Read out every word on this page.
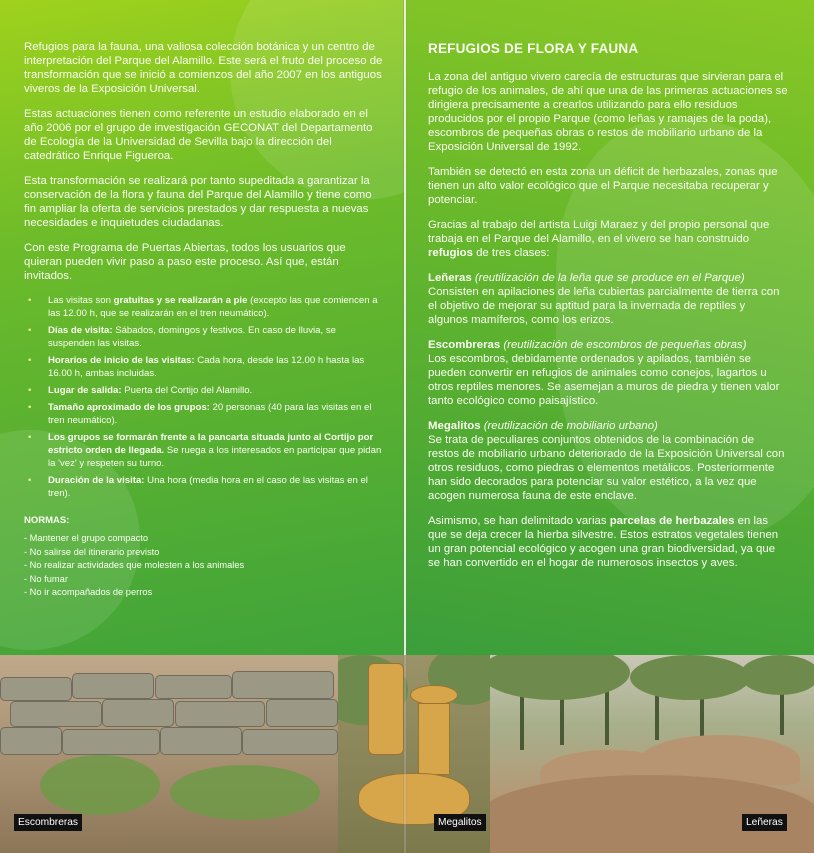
Refugios para la fauna, una valiosa colección botánica y un centro de interpretación del Parque del Alamillo. Este será el fruto del proceso de transformación que se inició a comienzos del año 2007 en los antiguos viveros de la Exposición Universal.

Estas actuaciones tienen como referente un estudio elaborado en el año 2006 por el grupo de investigación GECONAT del Departamento de Ecología de la Universidad de Sevilla bajo la dirección del catedrático Enrique Figueroa.

Esta transformación se realizará por tanto supeditada a garantizar la conservación de la flora y fauna del Parque del Alamillo y tiene como fin ampliar la oferta de servicios prestados y dar respuesta a nuevas necesidades e inquietudes ciudadanas.

Con este Programa de Puertas Abiertas, todos los usuarios que quieran pueden vivir paso a paso este proceso. Así que, están invitados.

• Las visitas son gratuitas y se realizarán a pie (excepto las que comiencen a las 12.00 h, que se realizarán en el tren neumático).
• Días de visita: Sábados, domingos y festivos. En caso de lluvia, se suspenden las visitas.
• Horarios de inicio de las visitas: Cada hora, desde las 12.00 h hasta las 16.00 h, ambas incluidas.
• Lugar de salida: Puerta del Cortijo del Alamillo.
• Tamaño aproximado de los grupos: 20 personas (40 para las visitas en el tren neumático).
• Los grupos se formarán frente a la pancarta situada junto al Cortijo por estricto orden de llegada. Se ruega a los interesados en participar que pidan la 'vez' y respeten su turno.
• Duración de la visita: Una hora (media hora en el caso de las visitas en el tren).
NORMAS:
- Mantener el grupo compacto
- No salirse del itinerario previsto
- No realizar actividades que molesten a los animales
- No fumar
- No ir acompañados de perros
REFUGIOS DE FLORA Y FAUNA

La zona del antiguo vivero carecía de estructuras que sirvieran para el refugio de los animales, de ahí que una de las primeras actuaciones se dirigiera precisamente a crearlos utilizando para ello residuos producidos por el propio Parque (como leñas y ramajes de la poda), escombros de pequeñas obras o restos de mobiliario urbano de la Exposición Universal de 1992.

También se detectó en esta zona un déficit de herbazales, zonas que tienen un alto valor ecológico que el Parque necesitaba recuperar y potenciar.

Gracias al trabajo del artista Luigi Maraez y del propio personal que trabaja en el Parque del Alamillo, en el vivero se han construido refugios de tres clases:

Leñeras (reutilización de la leña que se produce en el Parque)
Consisten en apilaciones de leña cubiertas parcialmente de tierra con el objetivo de mejorar su aptitud para la invernada de reptiles y algunos mamíferos, como los erizos.

Escombreras (reutilización de escombros de pequeñas obras)
Los escombros, debidamente ordenados y apilados, también se pueden convertir en refugios de animales como conejos, lagartos u otros reptiles menores. Se asemejan a muros de piedra y tienen valor tanto ecológico como paisajístico.

Megalitos (reutilización de mobiliario urbano)
Se trata de peculiares conjuntos obtenidos de la combinación de restos de mobiliario urbano deteriorado de la Exposición Universal con otros residuos, como piedras o elementos metálicos. Posteriormente han sido decorados para potenciar su valor estético, a la vez que acogen numerosa fauna de este enclave.

Asimismo, se han delimitado varias parcelas de herbazales en las que se deja crecer la hierba silvestre. Estos estratos vegetales tienen un gran potencial ecológico y acogen una gran biodiversidad, ya que se han convertido en el hogar de numerosos insectos y aves.

Escombreras	Megalitos	Leñeras
